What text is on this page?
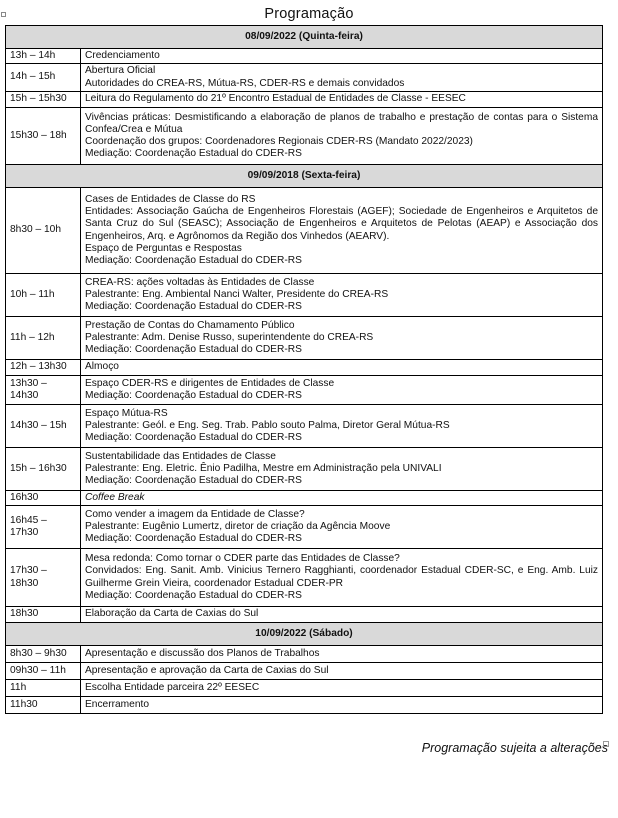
Programação
08/09/2022 (Quinta-feira)	
13h – 14h	Credenciamento

14h – 15h	Abertura Oficial
Autoridades do CREA-RS, Mútua-RS, CDER-RS e demais convidados

15h – 15h30	Leitura do Regulamento do 21º Encontro Estadual de Entidades de Classe - EESEC

15h30 – 18h	Vivências práticas: Desmistificando a elaboração de planos de trabalho e prestação de contas para o Sistema Confea/Crea e Mútua
Coordenação dos grupos: Coordenadores Regionais CDER-RS (Mandato 2022/2023)
Mediação: Coordenação Estadual do CDER-RS

09/09/2018 (Sexta-feira)	
8h30 – 10h	Cases de Entidades de Classe do RS
Entidades: Associação Gaúcha de Engenheiros Florestais (AGEF); Sociedade de Engenheiros e Arquitetos de Santa Cruz do Sul (SEASC); Associação de Engenheiros e Arquitetos de Pelotas (AEAP) e Associação dos Engenheiros, Arq. e Agrônomos da Região dos Vinhedos (AEARV).
Espaço de Perguntas e Respostas
Mediação: Coordenação Estadual do CDER-RS

10h – 11h	CREA-RS: ações voltadas às Entidades de Classe
Palestrante: Eng. Ambiental Nanci Walter, Presidente do CREA-RS
Mediação: Coordenação Estadual do CDER-RS

11h – 12h	Prestação de Contas do Chamamento Público
Palestrante: Adm. Denise Russo, superintendente do CREA-RS
Mediação: Coordenação Estadual do CDER-RS

12h – 13h30	Almoço

13h30 – 14h30	Espaço CDER-RS e dirigentes de Entidades de Classe
Mediação: Coordenação Estadual do CDER-RS

14h30 – 15h	Espaço Mútua-RS
Palestrante: Geól. e Eng. Seg. Trab. Pablo souto Palma, Diretor Geral Mútua-RS
Mediação: Coordenação Estadual do CDER-RS

15h – 16h30	Sustentabilidade das Entidades de Classe
Palestrante: Eng. Eletric. Ênio Padilha, Mestre em Administração pela UNIVALI
Mediação: Coordenação Estadual do CDER-RS

16h30	Coffee Break

16h45 – 17h30	Como vender a imagem da Entidade de Classe?
Palestrante: Eugênio Lumertz, diretor de criação da Agência Moove
Mediação: Coordenação Estadual do CDER-RS

17h30 – 18h30	Mesa redonda: Como tornar o CDER parte das Entidades de Classe?
Convidados: Eng. Sanit. Amb. Vinicius Ternero Ragghianti, coordenador Estadual CDER-SC, e Eng. Amb. Luiz Guilherme Grein Vieira, coordenador Estadual CDER-PR
Mediação: Coordenação Estadual do CDER-RS

18h30	Elaboração da Carta de Caxias do Sul

10/09/2022 (Sábado)	
8h30 – 9h30	Apresentação e discussão dos Planos de Trabalhos

09h30 – 11h	Apresentação e aprovação da Carta de Caxias do Sul

11h	Escolha Entidade parceira 22º EESEC

11h30	Encerramento
Programação sujeita a alterações
